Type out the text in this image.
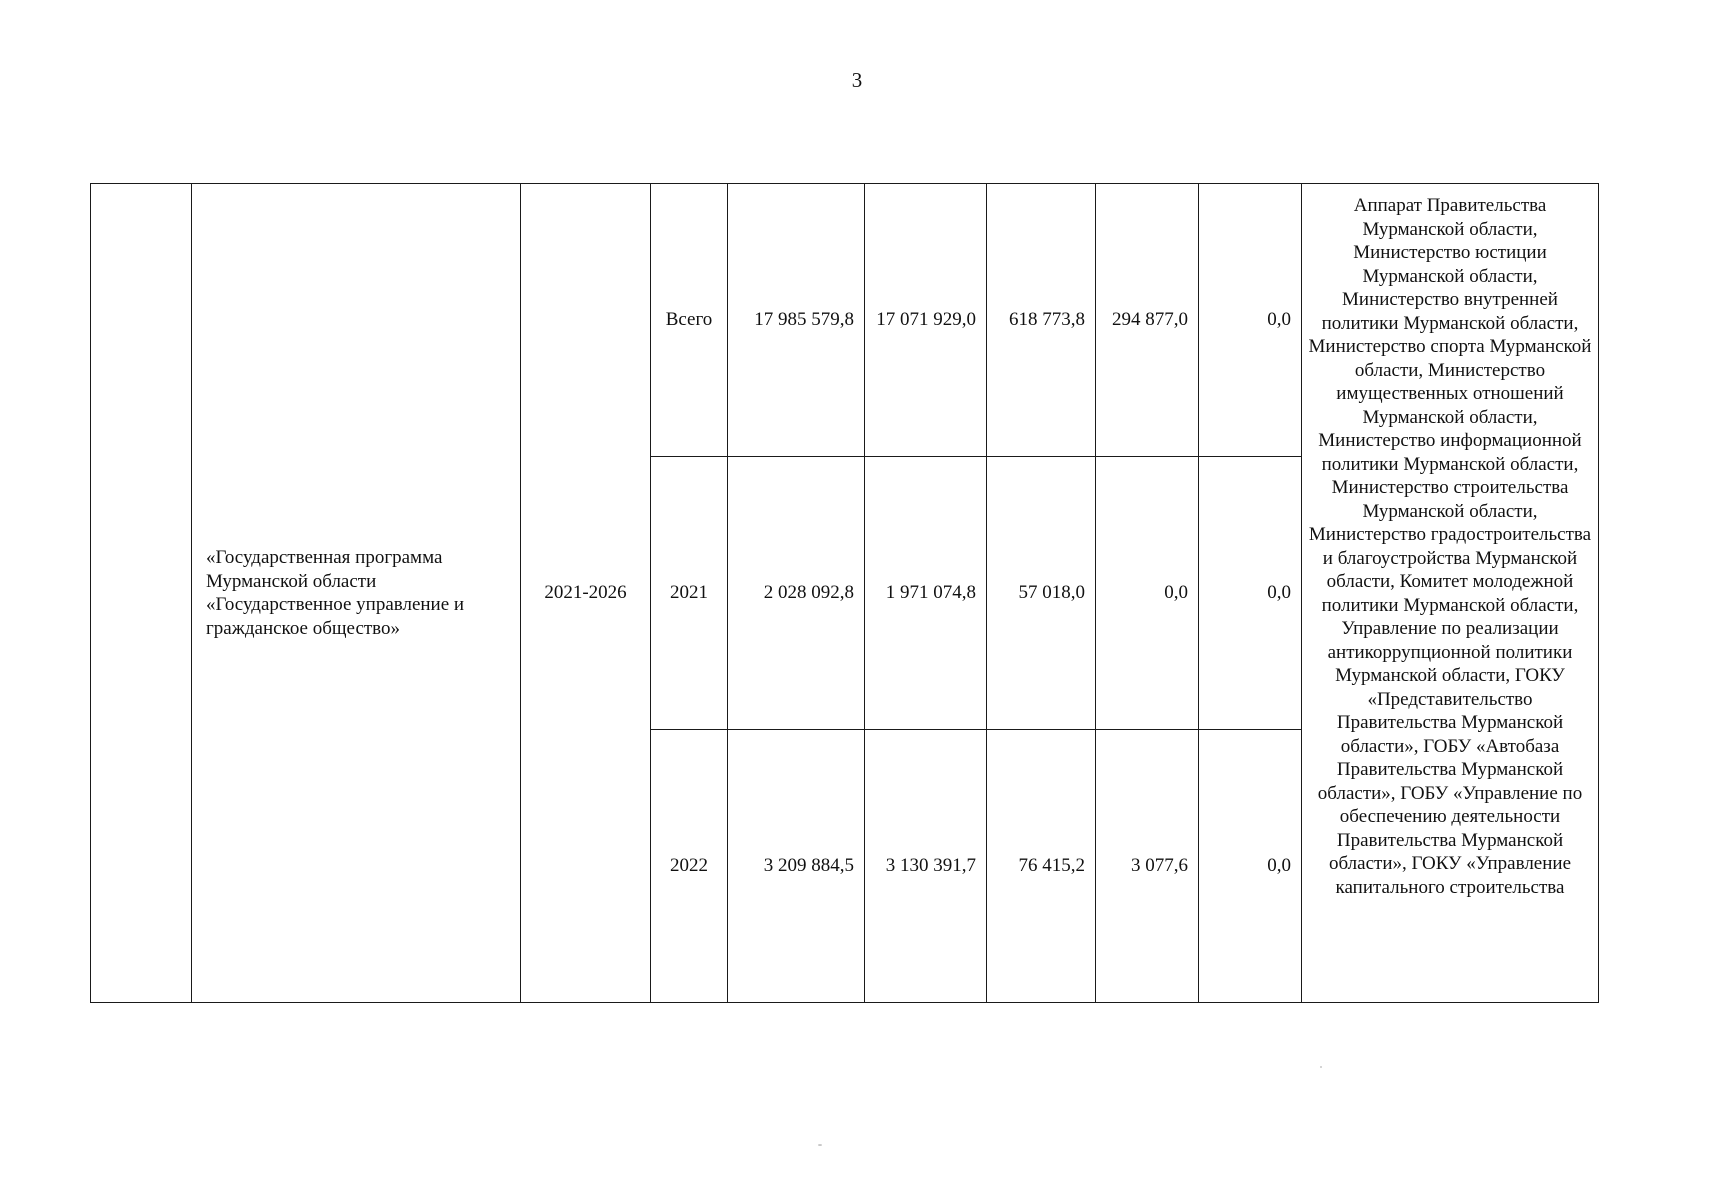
3
	«Государственная программа Мурманской области «Государственное управление и гражданское общество»	2021-2026	Всего	17 985 579,8	17 071 929,0	618 773,8	294 877,0	0,0	Аппарат Правительства Мурманской области, Министерство юстиции Мурманской области, Министерство внутренней политики Мурманской области, Министерство спорта Мурманской области, Министерство имущественных отношений Мурманской области, Министерство информационной политики Мурманской области, Министерство строительства Мурманской области, Министерство градостроительства и благоустройства Мурманской области, Комитет молодежной политики Мурманской области, Управление по реализации антикоррупционной политики Мурманской области, ГОКУ «Представительство Правительства Мурманской области», ГОБУ «Автобаза Правительства Мурманской области», ГОБУ «Управление по обеспечению деятельности Правительства Мурманской области», ГОКУ «Управление капитального строительства
			2021	2 028 092,8	1 971 074,8	57 018,0	0,0	0,0	
			2022	3 209 884,5	3 130 391,7	76 415,2	3 077,6	0,0	
